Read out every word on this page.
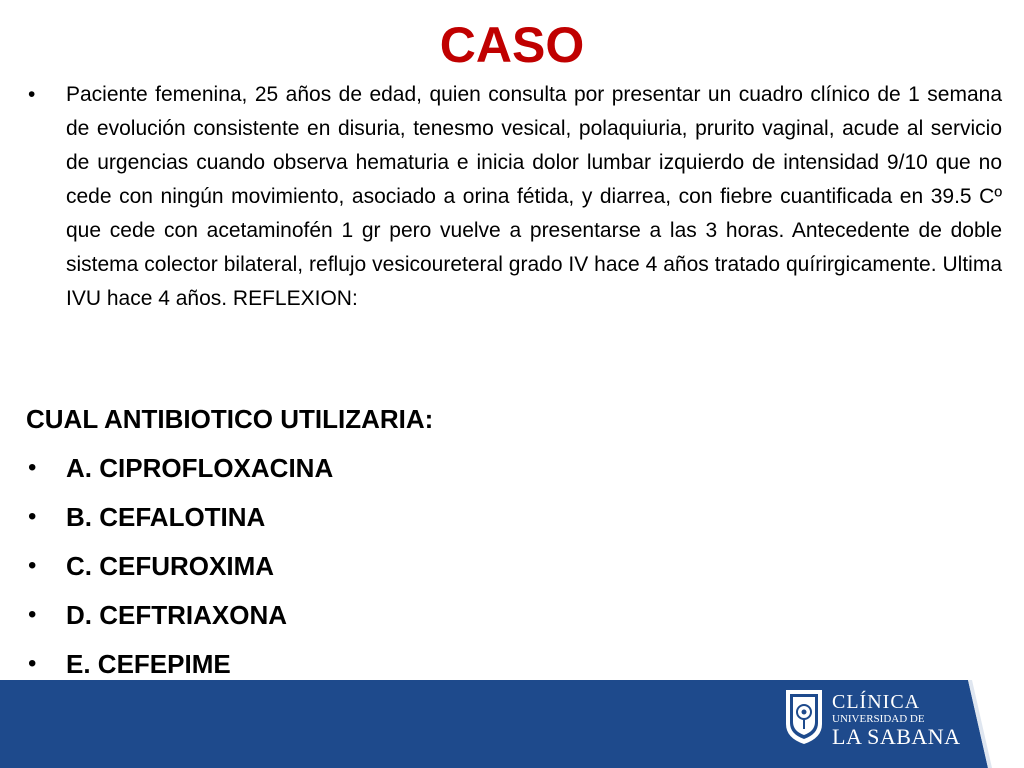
CASO
• Paciente femenina, 25 años de edad, quien consulta por presentar un cuadro clínico de 1 semana de evolución consistente en disuria, tenesmo vesical, polaquiuria, prurito vaginal, acude al servicio de urgencias cuando observa hematuria e inicia dolor lumbar izquierdo de intensidad 9/10 que no cede con ningún movimiento, asociado a orina fétida, y diarrea, con fiebre cuantificada en 39.5 Cº que cede con acetaminofén 1 gr pero vuelve a presentarse a las 3 horas. Antecedente de doble sistema colector bilateral, reflujo vesicoureteral grado IV hace 4 años tratado quírirgicamente. Ultima IVU hace 4 años. REFLEXION:
CUAL ANTIBIOTICO UTILIZARIA:
• A. CIPROFLOXACINA
• B. CEFALOTINA
• C. CEFUROXIMA
• D. CEFTRIAXONA
• E. CEFEPIME
CLÍNICA
UNIVERSIDAD DE
LA SABANA
